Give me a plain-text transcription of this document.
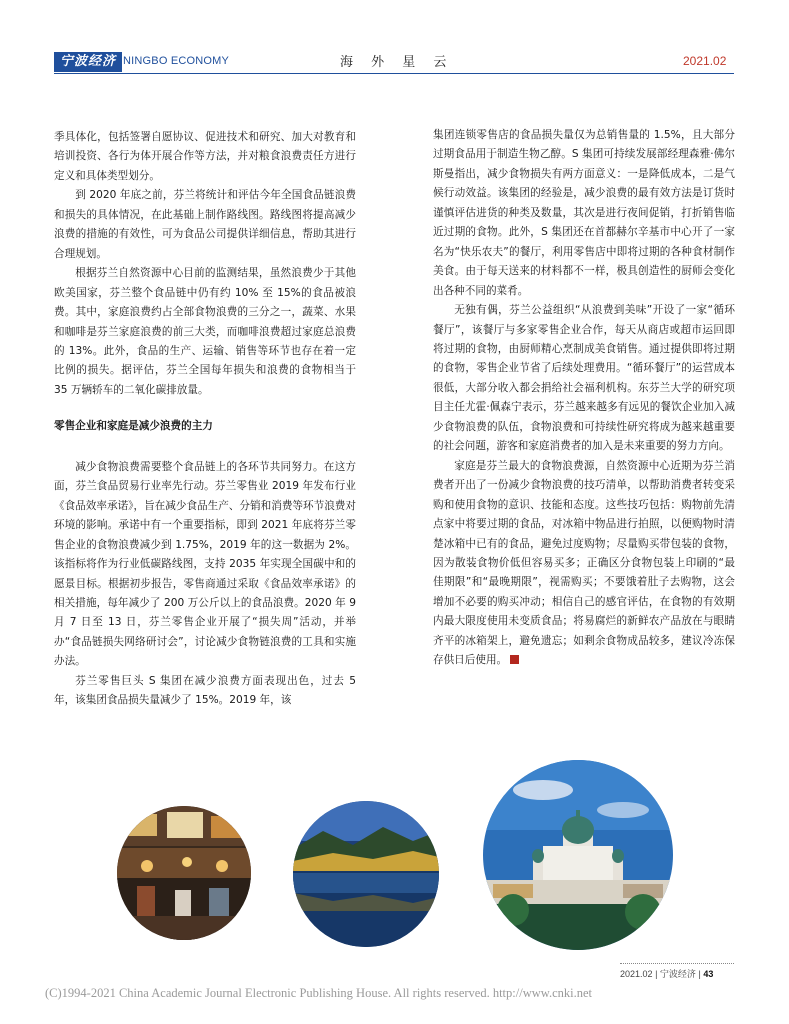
宁波经济 NINGBO ECONOMY	海 外 星 云	2021.02

季具体化，包括签署自愿协议、促进技术和研究、加大对教育和培训投资、各行为体开展合作等方法，并对粮食浪费责任方进行定义和具体类型划分。

到 2020 年底之前，芬兰将统计和评估今年全国食品链浪费和损失的具体情况，在此基础上制作路线图。路线图将提高减少浪费的措施的有效性，可为食品公司提供详细信息，帮助其进行合理规划。

根据芬兰自然资源中心目前的监测结果，虽然浪费少于其他欧美国家，芬兰整个食品链中仍有约 10% 至 15%的食品被浪费。其中，家庭浪费约占全部食物浪费的三分之一，蔬菜、水果和咖啡是芬兰家庭浪费的前三大类，而咖啡浪费超过家庭总浪费的 13%。此外，食品的生产、运输、销售等环节也存在着一定比例的损失。据评估，芬兰全国每年损失和浪费的食物相当于 35 万辆轿车的二氧化碳排放量。

零售企业和家庭是减少浪费的主力

减少食物浪费需要整个食品链上的各环节共同努力。在这方面，芬兰食品贸易行业率先行动。芬兰零售业 2019 年发布行业《食品效率承诺》，旨在减少食品生产、分销和消费等环节浪费对环境的影响。承诺中有一个重要指标，即到 2021 年底将芬兰零售企业的食物浪费减少到 1.75%，2019 年的这一数据为 2%。该指标将作为行业低碳路线图，支持 2035 年实现全国碳中和的愿景目标。根据初步报告，零售商通过采取《食品效率承诺》的相关措施，每年减少了 200 万公斤以上的食品浪费。2020 年 9 月 7 日至 13 日，芬兰零售企业开展了“损失周”活动，并举办“食品链损失网络研讨会”，讨论减少食物链浪费的工具和实施办法。

芬兰零售巨头 S 集团在减少浪费方面表现出色，过去 5 年，该集团食品损失量减少了 15%。2019 年，该

集团连锁零售店的食品损失量仅为总销售量的 1.5%，且大部分过期食品用于制造生物乙醇。S 集团可持续发展部经理森雅·佛尔斯曼指出，减少食物损失有两方面意义：一是降低成本，二是气候行动效益。该集团的经验是，减少浪费的最有效方法是订货时谨慎评估进货的种类及数量，其次是进行夜间促销，打折销售临近过期的食物。此外，S 集团还在首都赫尔辛基市中心开了一家名为“快乐农夫”的餐厅，利用零售店中即将过期的各种食材制作美食。由于每天送来的材料都不一样，极具创造性的厨师会变化出各种不同的菜肴。

无独有偶，芬兰公益组织“从浪费到美味”开设了一家“循环餐厅”，该餐厅与多家零售企业合作，每天从商店或超市运回即将过期的食物，由厨师精心烹制成美食销售。通过提供即将过期的食物，零售企业节省了后续处理费用。“循环餐厅”的运营成本很低，大部分收入都会捐给社会福利机构。东芬兰大学的研究项目主任尤霍·佩森宁表示，芬兰越来越多有远见的餐饮企业加入减少食物浪费的队伍，食物浪费和可持续性研究将成为越来越重要的社会问题，游客和家庭消费者的加入是未来重要的努力方向。

家庭是芬兰最大的食物浪费源，自然资源中心近期为芬兰消费者开出了一份减少食物浪费的技巧清单，以帮助消费者转变采购和使用食物的意识、技能和态度。这些技巧包括：购物前先清点家中将要过期的食品，对冰箱中物品进行拍照，以便购物时清楚冰箱中已有的食品，避免过度购物；尽量购买带包装的食物，因为散装食物价低但容易买多；正确区分食物包装上印刷的“最佳期限”和“最晚期限”，视需购买；不要饿着肚子去购物，这会增加不必要的购买冲动；相信自己的感官评估，在食物的有效期内最大限度使用未变质食品；将易腐烂的新鲜农产品放在与眼睛齐平的冰箱架上，避免遗忘；如剩余食物成品较多，建议冷冻保存供日后使用。

2021.02 | 宁波经济 | 43
(C)1994-2021 China Academic Journal Electronic Publishing House. All rights reserved. http://www.cnki.net
